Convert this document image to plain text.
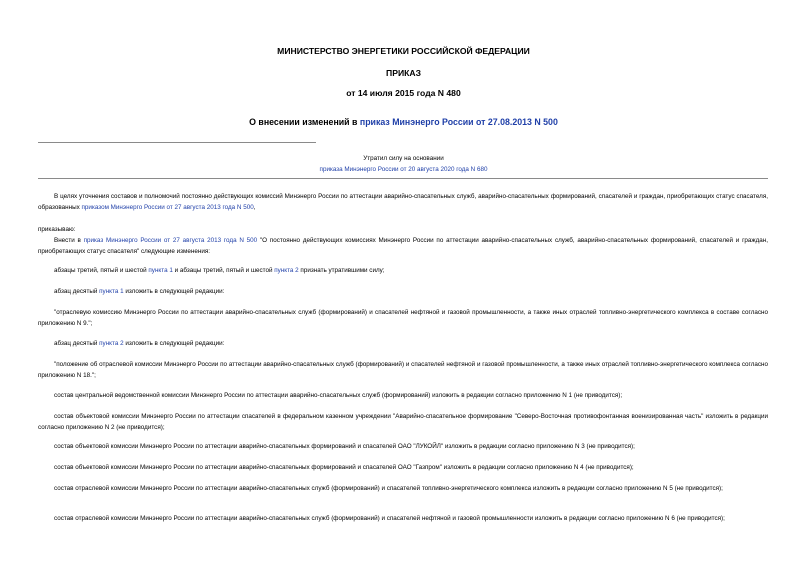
МИНИСТЕРСТВО ЭНЕРГЕТИКИ РОССИЙСКОЙ ФЕДЕРАЦИИ
ПРИКАЗ
от 14 июля 2015 года N 480
О внесении изменений в приказ Минэнерго России от 27.08.2013 N 500
Утратил силу на основании
приказа Минэнерго России от 20 августа 2020 года N 680
В целях уточнения составов и полномочий постоянно действующих комиссий Минэнерго России по аттестации аварийно-спасательных служб, аварийно-спасательных формирований, спасателей и граждан, приобретающих статус спасателя, образованных приказом Минэнерго России от 27 августа 2013 года N 500,
приказываю:
Внести в приказ Минэнерго России от 27 августа 2013 года N 500 "О постоянно действующих комиссиях Минэнерго России по аттестации аварийно-спасательных служб, аварийно-спасательных формирований, спасателей и граждан, приобретающих статус спасателя" следующие изменения:
абзацы третий, пятый и шестой пункта 1 и абзацы третий, пятый и шестой пункта 2 признать утратившими силу;
абзац десятый пункта 1 изложить в следующей редакции:
"отраслевую комиссию Минэнерго России по аттестации аварийно-спасательных служб (формирований) и спасателей нефтяной и газовой промышленности, а также иных отраслей топливно-энергетического комплекса в составе согласно приложению N 9.";
абзац десятый пункта 2 изложить в следующей редакции:
"положение об отраслевой комиссии Минэнерго России по аттестации аварийно-спасательных служб (формирований) и спасателей нефтяной и газовой промышленности, а также иных отраслей топливно-энергетического комплекса согласно приложению N 18.";
состав центральной ведомственной комиссии Минэнерго России по аттестации аварийно-спасательных служб (формирований) изложить в редакции согласно приложению N 1 (не приводится);
состав объектовой комиссии Минэнерго России по аттестации спасателей в федеральном казенном учреждении "Аварийно-спасательное формирование "Северо-Восточная противофонтанная военизированная часть" изложить в редакции согласно приложению N 2 (не приводится);
состав объектовой комиссии Минэнерго России по аттестации аварийно-спасательных формирований и спасателей ОАО "ЛУКОЙЛ" изложить в редакции согласно приложению N 3 (не приводится);
состав объектовой комиссии Минэнерго России по аттестации аварийно-спасательных формирований и спасателей ОАО "Газпром" изложить в редакции согласно приложению N 4 (не приводится);
состав отраслевой комиссии Минэнерго России по аттестации аварийно-спасательных служб (формирований) и спасателей топливно-энергетического комплекса изложить в редакции согласно приложению N 5 (не приводится);
состав отраслевой комиссии Минэнерго России по аттестации аварийно-спасательных служб (формирований) и спасателей нефтяной и газовой промышленности изложить в редакции согласно приложению N 6 (не приводится);
